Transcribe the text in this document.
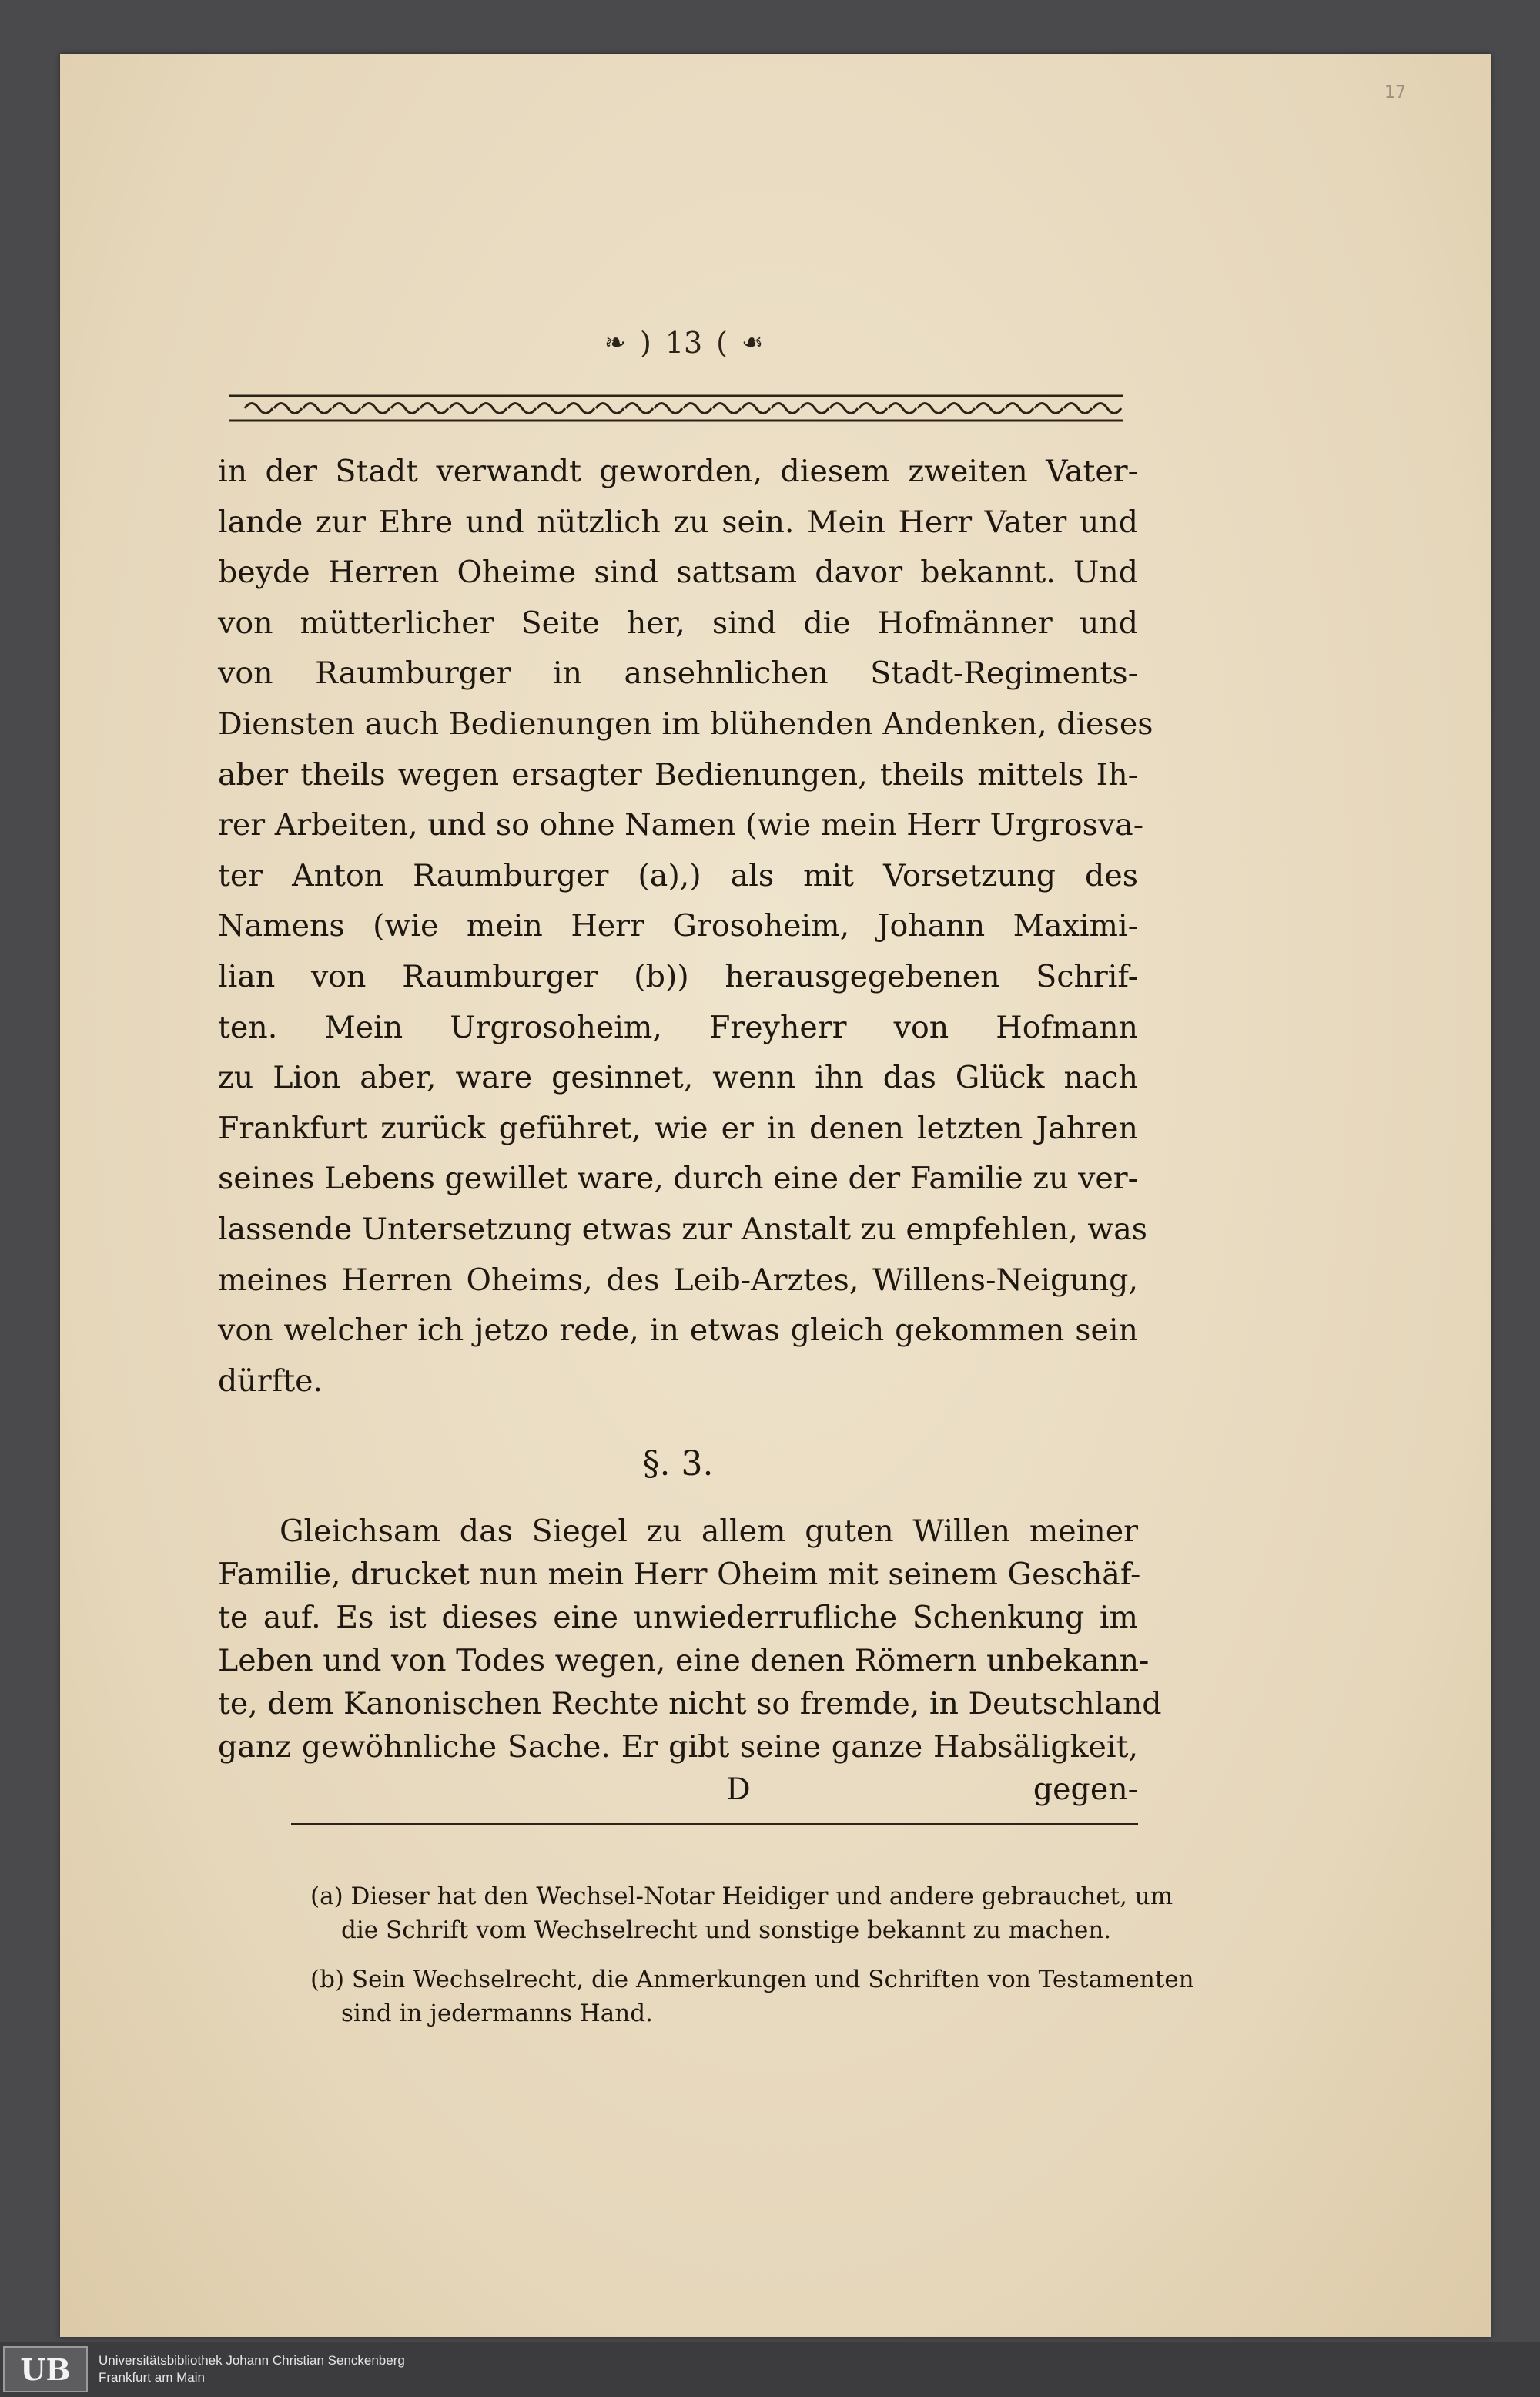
17
❧ ) 13 ( ❧
in der Stadt verwandt geworden, diesem zweiten Vater-
lande zur Ehre und nützlich zu sein. Mein Herr Vater und
beyde Herren Oheime sind sattsam davor bekannt. Und
von mütterlicher Seite her, sind die Hofmänner und
von Raumburger in ansehnlichen Stadt-Regiments-
Diensten auch Bedienungen im blühenden Andenken, dieses
aber theils wegen ersagter Bedienungen, theils mittels Ih-
rer Arbeiten, und so ohne Namen (wie mein Herr Urgrosva-
ter Anton Raumburger (a),) als mit Vorsetzung des
Namens (wie mein Herr Grosoheim, Johann Maximi-
lian von Raumburger (b)) herausgegebenen Schrif-
ten. Mein Urgrosoheim, Freyherr von Hofmann
zu Lion aber, ware gesinnet, wenn ihn das Glück nach
Frankfurt zurück geführet, wie er in denen letzten Jahren
seines Lebens gewillet ware, durch eine der Familie zu ver-
lassende Untersetzung etwas zur Anstalt zu empfehlen, was
meines Herren Oheims, des Leib-Arztes, Willens-Neigung,
von welcher ich jetzo rede, in etwas gleich gekommen sein
dürfte.
§. 3.
Gleichsam das Siegel zu allem guten Willen meiner
Familie, drucket nun mein Herr Oheim mit seinem Geschäf-
te auf. Es ist dieses eine unwiederrufliche Schenkung im
Leben und von Todes wegen, eine denen Römern unbekann-
te, dem Kanonischen Rechte nicht so fremde, in Deutschland
ganz gewöhnliche Sache. Er gibt seine ganze Habsäligkeit,
D	gegen-
(a) Dieser hat den Wechsel-Notar Heidiger und andere gebrauchet, um
die Schrift vom Wechselrecht und sonstige bekannt zu machen.
(b) Sein Wechselrecht, die Anmerkungen und Schriften von Testamenten
sind in jedermanns Hand.
UB	Universitätsbibliothek Johann Christian Senckenberg
Frankfurt am Main
